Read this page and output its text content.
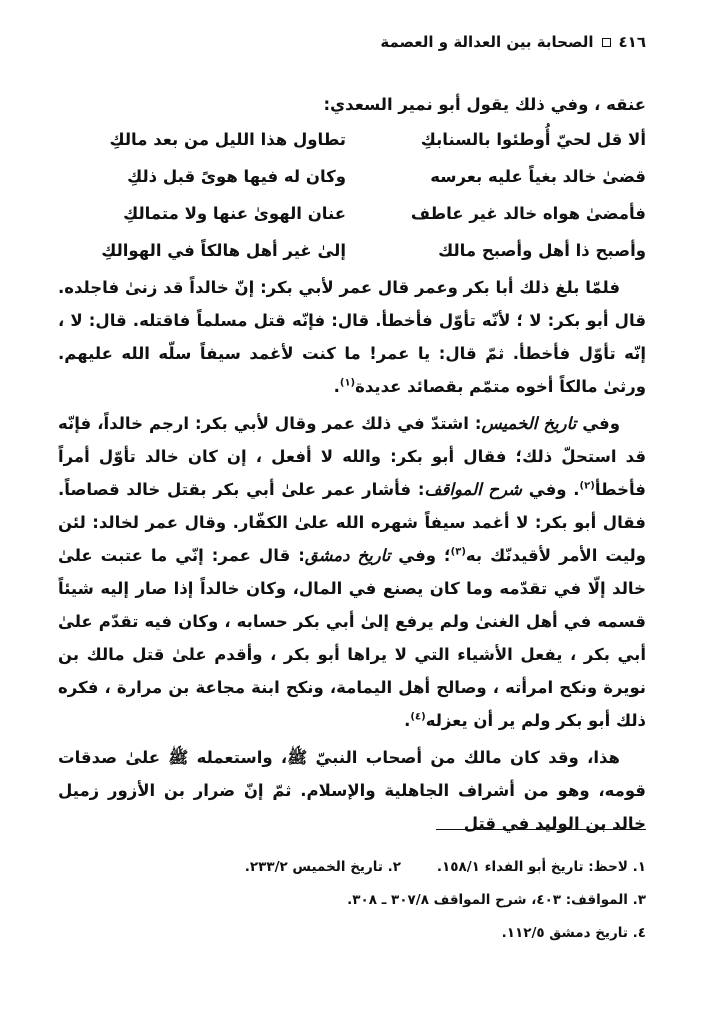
٤١٦
الصحابة بين العدالة و العصمة

عنقه ، وفي ذلك يقول أبو نمير السعدي:

ألا قل لحيّ أُوطئوا بالسنابكِ
تطاول هذا الليل من بعد مالكِ
قضىٰ خالد بغياً عليه بعرسه
وكان له فيها هوىً قبل ذلكِ
فأمضىٰ هواه خالد غير عاطف
عنان الهوىٰ عنها ولا متمالكِ
وأصبح ذا أهل وأصبح مالك
إلىٰ غير أهل هالكاً في الهوالكِ

فلمّا بلغ ذلك أبا بكر وعمر قال عمر لأبي بكر: إنّ خالداً قد زنىٰ فاجلده. قال أبو بكر: لا ؛ لأنّه تأوّل فأخطأ. قال: فإنّه قتل مسلماً فاقتله. قال: لا ، إنّه تأوّل فأخطأ. ثمّ قال: يا عمر! ما كنت لأغمد سيفاً سلّه الله عليهم. ورثىٰ مالكاً أخوه متمّم بقصائد عديدة$^{(١)}$.

وفي تاريخ الخميس: اشتدّ في ذلك عمر وقال لأبي بكر: ارجم خالداً، فإنّه قد استحلّ ذلك؛ فقال أبو بكر: والله لا أفعل ، إن كان خالد تأوّل أمراً فأخطأ$^{(٢)}$. وفي شرح المواقف: فأشار عمر علىٰ أبي بكر بقتل خالد قصاصاً. فقال أبو بكر: لا أغمد سيفاً شهره الله علىٰ الكفّار. وقال عمر لخالد: لئن وليت الأمر لأقيدنّك به$^{(٣)}$؛ وفي تاريخ دمشق: قال عمر: إنّي ما عتبت علىٰ خالد إلّا في تقدّمه وما كان يصنع في المال، وكان خالداً إذا صار إليه شيئاً قسمه في أهل الغنىٰ ولم يرفع إلىٰ أبي بكر حسابه ، وكان فيه تقدّم علىٰ أبي بكر ، يفعل الأشياء التي لا يراها أبو بكر ، وأقدم علىٰ قتل مالك بن نويرة ونكح امرأته ، وصالح أهل اليمامة، ونكح ابنة مجاعة بن مرارة ، فكره ذلك أبو بكر ولم ير أن يعزله$^{(٤)}$.

هذا، وقد كان مالك من أصحاب النبيّ ﷺ، واستعمله ﷺ علىٰ صدقات قومه، وهو من أشراف الجاهلية والإسلام. ثمّ إنّ ضرار بن الأزور زميل خالد بن الوليد في قتل

١. لاحظ: تاريخ أبو الفداء ١٥٨/١.
٢. تاريخ الخميس ٢٣٣/٢.
٣. المواقف: ٤٠٣، شرح المواقف ٣٠٧/٨ ـ ٣٠٨.
٤. تاريخ دمشق ١١٢/٥.
